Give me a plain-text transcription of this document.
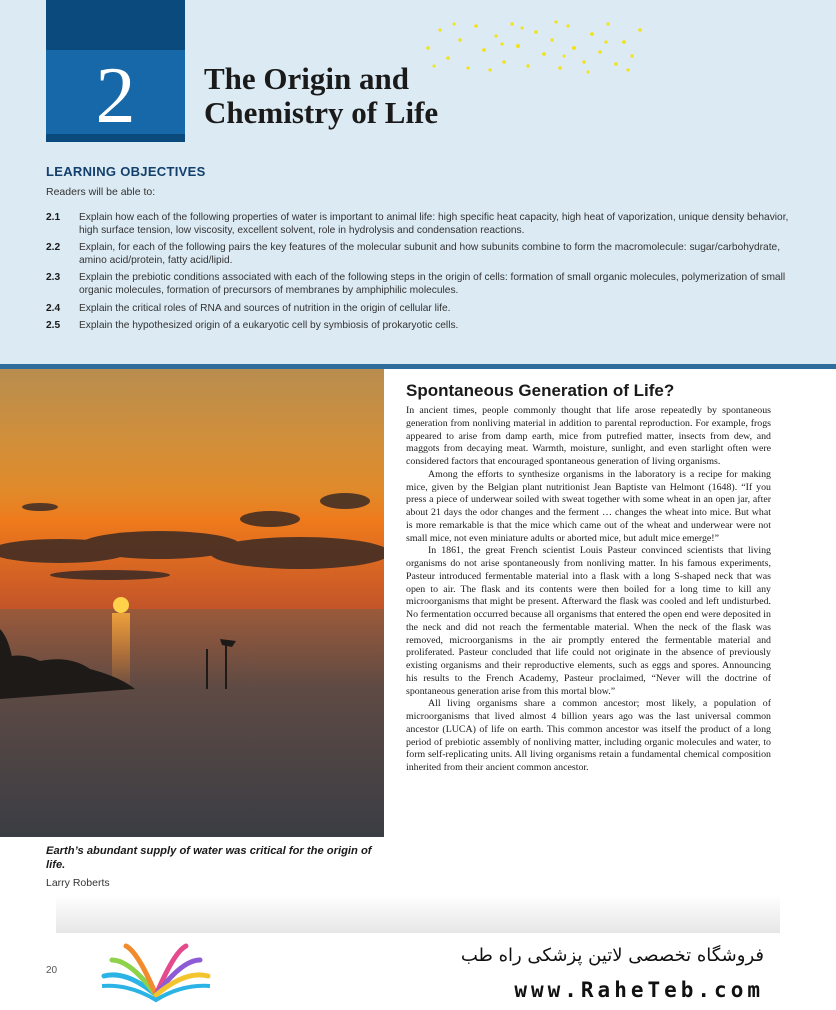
2	The Origin and
Chemistry of Life
LEARNING OBJECTIVES
Readers will be able to:
2.1	Explain how each of the following properties of water is important to animal life: high specific heat capacity, high heat of vaporization, unique density behavior, high surface tension, low viscosity, excellent solvent, role in hydrolysis and condensation reactions.
2.2	Explain, for each of the following pairs the key features of the molecular subunit and how subunits combine to form the macromolecule: sugar/carbohydrate, amino acid/protein, fatty acid/lipid.
2.3	Explain the prebiotic conditions associated with each of the following steps in the origin of cells: formation of small organic molecules, polymerization of small organic molecules, formation of precursors of membranes by amphiphilic molecules.
2.4	Explain the critical roles of RNA and sources of nutrition in the origin of cellular life.
2.5	Explain the hypothesized origin of a eukaryotic cell by symbiosis of prokaryotic cells.
Earth’s abundant supply of water was critical for the origin of life.
Larry Roberts
Spontaneous Generation of Life?

In ancient times, people commonly thought that life arose repeatedly by spontaneous generation from nonliving material in addition to parental reproduction. For example, frogs appeared to arise from damp earth, mice from putrefied matter, insects from dew, and maggots from decaying meat. Warmth, moisture, sunlight, and even starlight often were considered factors that encouraged spontaneous generation of living organisms.

Among the efforts to synthesize organisms in the laboratory is a recipe for making mice, given by the Belgian plant nutritionist Jean Baptiste van Helmont (1648). “If you press a piece of underwear soiled with sweat together with some wheat in an open jar, after about 21 days the odor changes and the ferment … changes the wheat into mice. But what is more remarkable is that the mice which came out of the wheat and underwear were not small mice, not even miniature adults or aborted mice, but adult mice emerge!”

In 1861, the great French scientist Louis Pasteur convinced scientists that living organisms do not arise spontaneously from nonliving matter. In his famous experiments, Pasteur introduced fermentable material into a flask with a long S-shaped neck that was open to air. The flask and its contents were then boiled for a long time to kill any microorganisms that might be present. Afterward the flask was cooled and left undisturbed. No fermentation occurred because all organisms that entered the open end were deposited in the neck and did not reach the fermentable material. When the neck of the flask was removed, microorganisms in the air promptly entered the fermentable material and proliferated. Pasteur concluded that life could not originate in the absence of previously existing organisms and their reproductive elements, such as eggs and spores. Announcing his results to the French Academy, Pasteur proclaimed, “Never will the doctrine of spontaneous generation arise from this mortal blow.”

All living organisms share a common ancestor; most likely, a population of microorganisms that lived almost 4 billion years ago was the last universal common ancestor (LUCA) of life on earth. This common ancestor was itself the product of a long period of prebiotic assembly of nonliving matter, including organic molecules and water, to form self-replicating units. All living organisms retain a fundamental chemical composition inherited from their ancient common ancestor.

20
فروشگاه تخصصی لاتین پزشکی راه طب
www.RaheTeb.com
